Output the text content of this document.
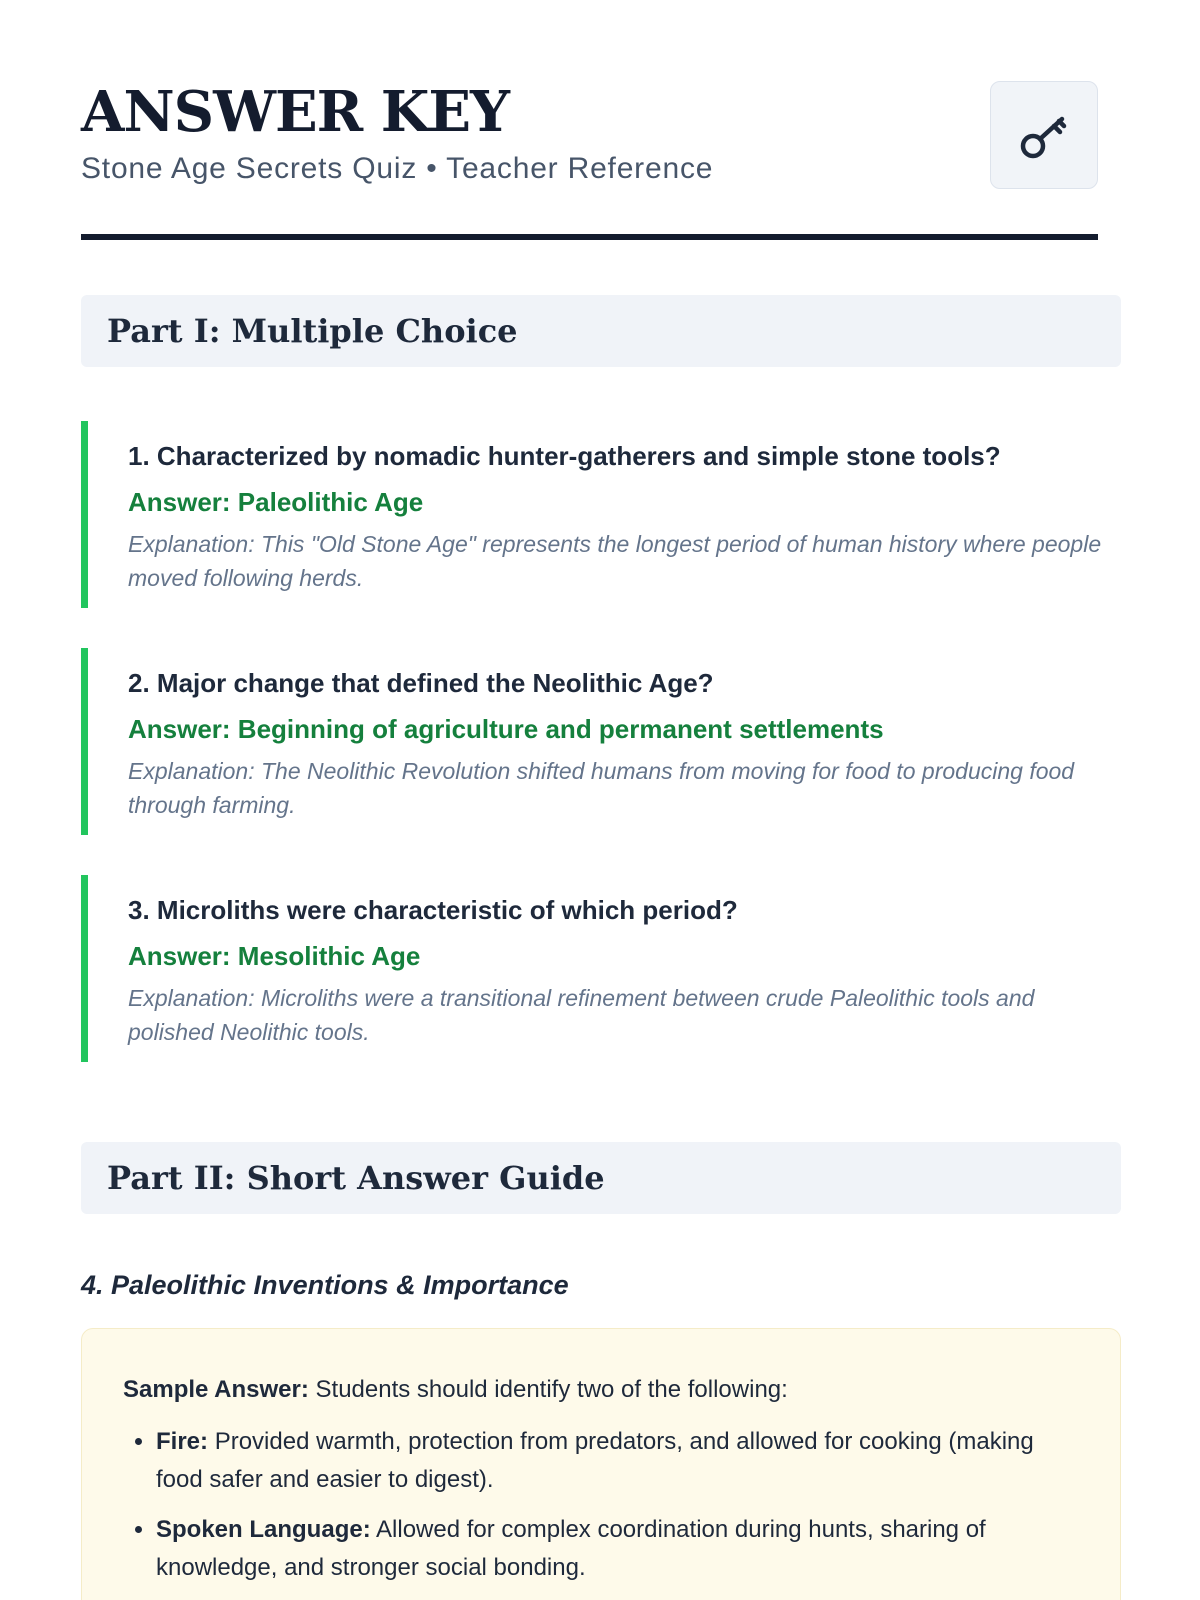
ANSWER KEY
Stone Age Secrets Quiz • Teacher Reference
Part I: Multiple Choice
1. Characterized by nomadic hunter-gatherers and simple stone tools?
Answer: Paleolithic Age
Explanation: This "Old Stone Age" represents the longest period of human history where people moved following herds.
2. Major change that defined the Neolithic Age?
Answer: Beginning of agriculture and permanent settlements
Explanation: The Neolithic Revolution shifted humans from moving for food to producing food through farming.
3. Microliths were characteristic of which period?
Answer: Mesolithic Age
Explanation: Microliths were a transitional refinement between crude Paleolithic tools and polished Neolithic tools.
Part II: Short Answer Guide
4. Paleolithic Inventions & Importance
Sample Answer: Students should identify two of the following:
• Fire: Provided warmth, protection from predators, and allowed for cooking (making food safer and easier to digest).
• Spoken Language: Allowed for complex coordination during hunts, sharing of knowledge, and stronger social bonding.
